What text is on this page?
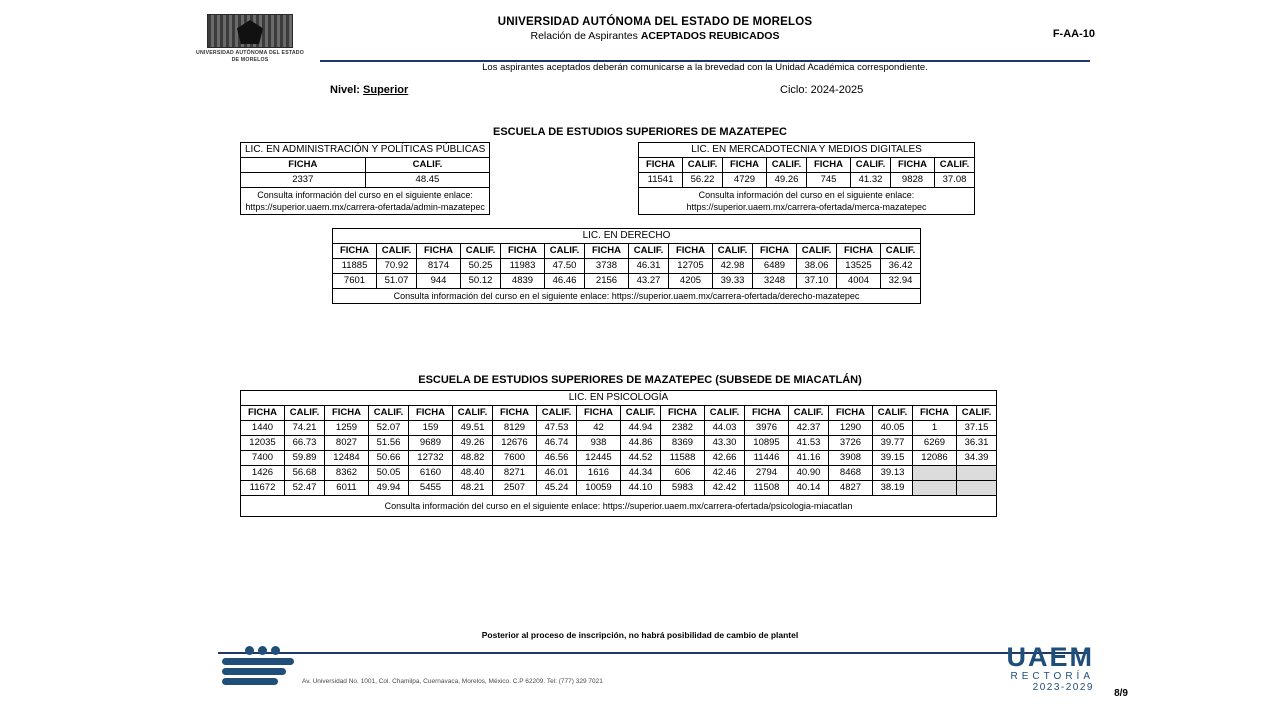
UNIVERSIDAD AUTÓNOMA DEL ESTADO DE MORELOS
UNIVERSIDAD AUTÓNOMA DEL ESTADO DE MORELOS
Relación de Aspirantes ACEPTADOS REUBICADOS	F-AA-10
Los aspirantes aceptados deberán comunicarse a la brevedad con la Unidad Académica correspondiente.
Nivel: Superior	Ciclo: 2024-2025
ESCUELA DE ESTUDIOS SUPERIORES DE MAZATEPEC
LIC. EN ADMINISTRACIÓN Y POLÍTICAS PÚBLICAS	
FICHA	CALIF.
2337	48.45

Consulta información del curso en el siguiente enlace:
https://superior.uaem.mx/carrera-ofertada/admin-mazatepec	
LIC. EN MERCADOTECNIA Y MEDIOS DIGITALES							
FICHA	CALIF.	FICHA	CALIF.	FICHA	CALIF.	FICHA	CALIF.
11541	56.22	4729	49.26	745	41.32	9828	37.08

Consulta información del curso en el siguiente enlace:
https://superior.uaem.mx/carrera-ofertada/merca-mazatepec							
LIC. EN DERECHO													
FICHA	CALIF.	FICHA	CALIF.	FICHA	CALIF.	FICHA	CALIF.	FICHA	CALIF.	FICHA	CALIF.	FICHA	CALIF.
11885	70.92	8174	50.25	11983	47.50	3738	46.31	12705	42.98	6489	38.06	13525	36.42
7601	51.07	944	50.12	4839	46.46	2156	43.27	4205	39.33	3248	37.10	4004	32.94
Consulta información del curso en el siguiente enlace: https://superior.uaem.mx/carrera-ofertada/derecho-mazatepec													
ESCUELA DE ESTUDIOS SUPERIORES DE MAZATEPEC (SUBSEDE DE MIACATLÁN)
LIC. EN PSICOLOGÍA																	
FICHA	CALIF.	FICHA	CALIF.	FICHA	CALIF.	FICHA	CALIF.	FICHA	CALIF.	FICHA	CALIF.	FICHA	CALIF.	FICHA	CALIF.	FICHA	CALIF.
1440	74.21	1259	52.07	159	49.51	8129	47.53	42	44.94	2382	44.03	3976	42.37	1290	40.05	1	37.15
12035	66.73	8027	51.56	9689	49.26	12676	46.74	938	44.86	8369	43.30	10895	41.53	3726	39.77	6269	36.31
7400	59.89	12484	50.66	12732	48.82	7600	46.56	12445	44.52	11588	42.66	11446	41.16	3908	39.15	12086	34.39
1426	56.68	8362	50.05	6160	48.40	8271	46.01	1616	44.34	606	42.46	2794	40.90	8468	39.13		
11672	52.47	6011	49.94	5455	48.21	2507	45.24	10059	44.10	5983	42.42	11508	40.14	4827	38.19		
Consulta información del curso en el siguiente enlace: https://superior.uaem.mx/carrera-ofertada/psicologia-miacatlan																	
Posterior al proceso de inscripción, no habrá posibilidad de cambio de plantel
Av. Universidad No. 1001, Col. Chamilpa, Cuernavaca, Morelos, México. C.P 62209. Tel: (777) 329 7021
UAEM
RECTORÍA
2023-2029
8/9
